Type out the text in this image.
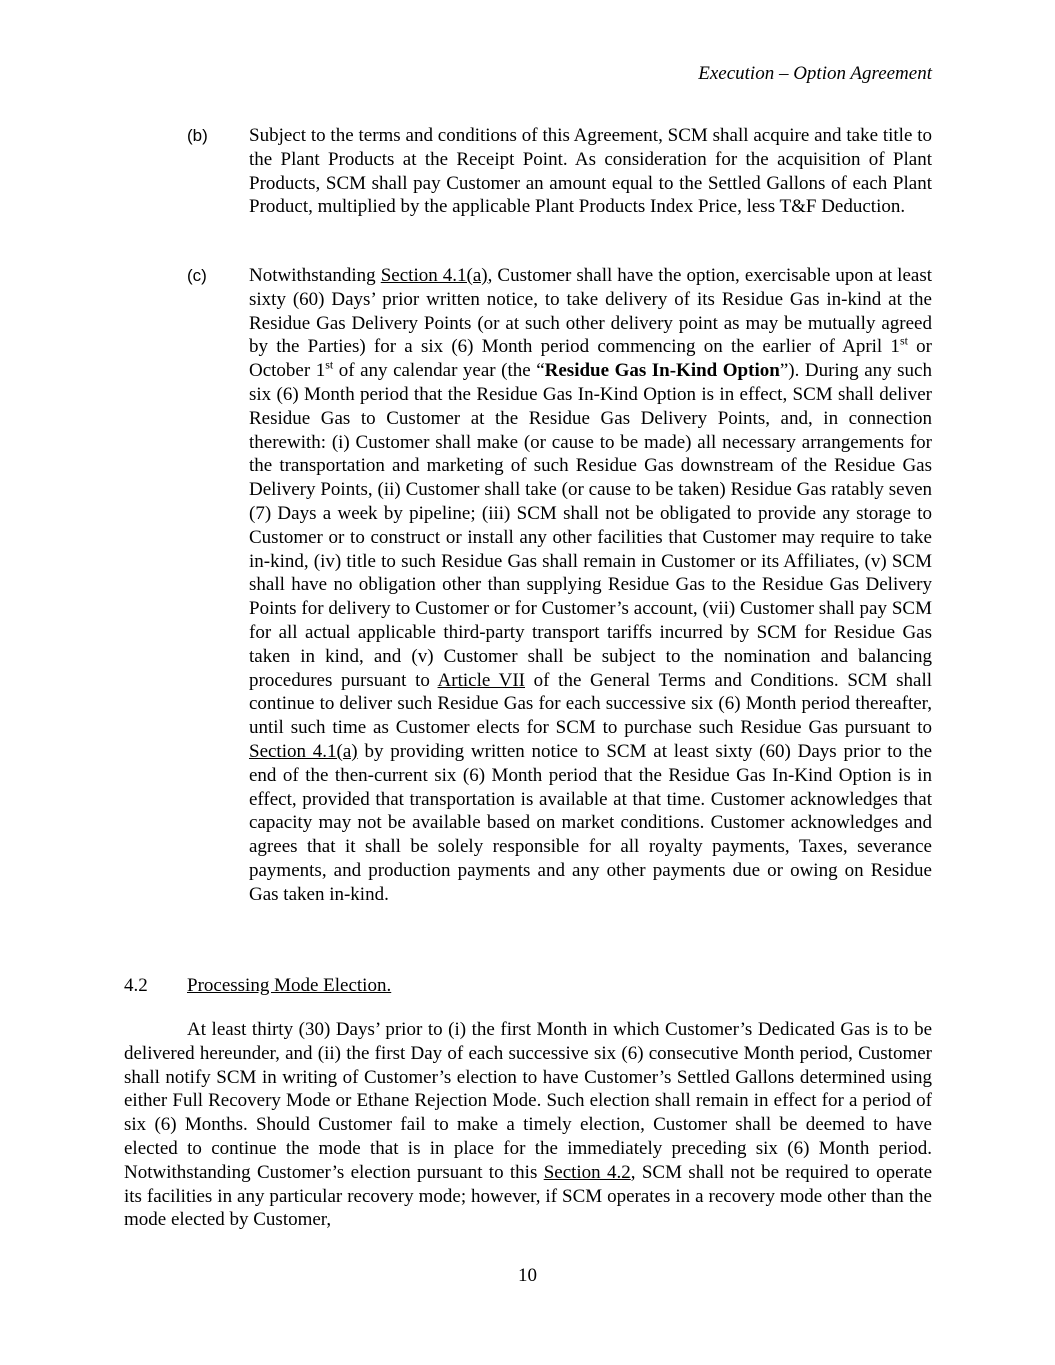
Execution – Option Agreement
(b) Subject to the terms and conditions of this Agreement, SCM shall acquire and take title to the Plant Products at the Receipt Point. As consideration for the acquisition of Plant Products, SCM shall pay Customer an amount equal to the Settled Gallons of each Plant Product, multiplied by the applicable Plant Products Index Price, less T&F Deduction.
(c) Notwithstanding Section 4.1(a), Customer shall have the option, exercisable upon at least sixty (60) Days’ prior written notice, to take delivery of its Residue Gas in-kind at the Residue Gas Delivery Points (or at such other delivery point as may be mutually agreed by the Parties) for a six (6) Month period commencing on the earlier of April 1st or October 1st of any calendar year (the “Residue Gas In-Kind Option”). During any such six (6) Month period that the Residue Gas In-Kind Option is in effect, SCM shall deliver Residue Gas to Customer at the Residue Gas Delivery Points, and, in connection therewith: (i) Customer shall make (or cause to be made) all necessary arrangements for the transportation and marketing of such Residue Gas downstream of the Residue Gas Delivery Points, (ii) Customer shall take (or cause to be taken) Residue Gas ratably seven (7) Days a week by pipeline; (iii) SCM shall not be obligated to provide any storage to Customer or to construct or install any other facilities that Customer may require to take in-kind, (iv) title to such Residue Gas shall remain in Customer or its Affiliates, (v) SCM shall have no obligation other than supplying Residue Gas to the Residue Gas Delivery Points for delivery to Customer or for Customer’s account, (vii) Customer shall pay SCM for all actual applicable third-party transport tariffs incurred by SCM for Residue Gas taken in kind, and (v) Customer shall be subject to the nomination and balancing procedures pursuant to Article VII of the General Terms and Conditions. SCM shall continue to deliver such Residue Gas for each successive six (6) Month period thereafter, until such time as Customer elects for SCM to purchase such Residue Gas pursuant to Section 4.1(a) by providing written notice to SCM at least sixty (60) Days prior to the end of the then-current six (6) Month period that the Residue Gas In-Kind Option is in effect, provided that transportation is available at that time. Customer acknowledges that capacity may not be available based on market conditions. Customer acknowledges and agrees that it shall be solely responsible for all royalty payments, Taxes, severance payments, and production payments and any other payments due or owing on Residue Gas taken in-kind.
4.2 Processing Mode Election.
At least thirty (30) Days’ prior to (i) the first Month in which Customer’s Dedicated Gas is to be delivered hereunder, and (ii) the first Day of each successive six (6) consecutive Month period, Customer shall notify SCM in writing of Customer’s election to have Customer’s Settled Gallons determined using either Full Recovery Mode or Ethane Rejection Mode. Such election shall remain in effect for a period of six (6) Months. Should Customer fail to make a timely election, Customer shall be deemed to have elected to continue the mode that is in place for the immediately preceding six (6) Month period. Notwithstanding Customer’s election pursuant to this Section 4.2, SCM shall not be required to operate its facilities in any particular recovery mode; however, if SCM operates in a recovery mode other than the mode elected by Customer,
10
